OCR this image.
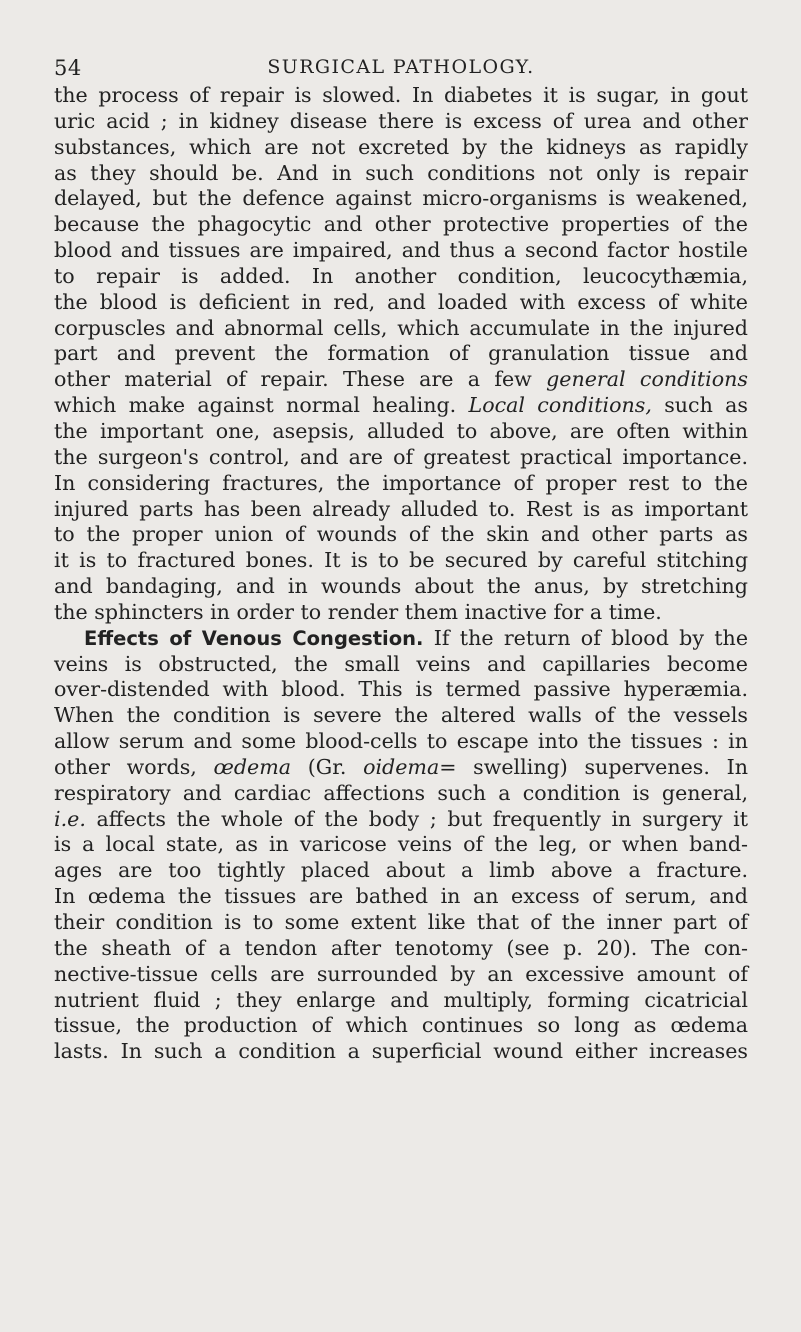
54	SURGICAL PATHOLOGY.
the process of repair is slowed. In diabetes it is sugar, in gout
uric acid ; in kidney disease there is excess of urea and other
substances, which are not excreted by the kidneys as rapidly
as they should be. And in such conditions not only is repair
delayed, but the defence against micro-organisms is weakened,
because the phagocytic and other protective properties of the
blood and tissues are impaired, and thus a second factor hostile
to repair is added. In another condition, leucocythæmia,
the blood is deficient in red, and loaded with excess of white
corpuscles and abnormal cells, which accumulate in the injured
part and prevent the formation of granulation tissue and
other material of repair. These are a few general conditions
which make against normal healing. Local conditions, such as
the important one, asepsis, alluded to above, are often within
the surgeon's control, and are of greatest practical importance.
In considering fractures, the importance of proper rest to the
injured parts has been already alluded to. Rest is as important
to the proper union of wounds of the skin and other parts as
it is to fractured bones. It is to be secured by careful stitching
and bandaging, and in wounds about the anus, by stretching
the sphincters in order to render them inactive for a time.
Effects of Venous Congestion. If the return of blood by the
veins is obstructed, the small veins and capillaries become
over-distended with blood. This is termed passive hyperæmia.
When the condition is severe the altered walls of the vessels
allow serum and some blood-cells to escape into the tissues : in
other words, œdema (Gr. oidema= swelling) supervenes. In
respiratory and cardiac affections such a condition is general,
i.e. affects the whole of the body ; but frequently in surgery it
is a local state, as in varicose veins of the leg, or when band-
ages are too tightly placed about a limb above a fracture.
In œdema the tissues are bathed in an excess of serum, and
their condition is to some extent like that of the inner part of
the sheath of a tendon after tenotomy (see p. 20). The con-
nective-tissue cells are surrounded by an excessive amount of
nutrient fluid ; they enlarge and multiply, forming cicatricial
tissue, the production of which continues so long as œdema
lasts. In such a condition a superficial wound either increases
